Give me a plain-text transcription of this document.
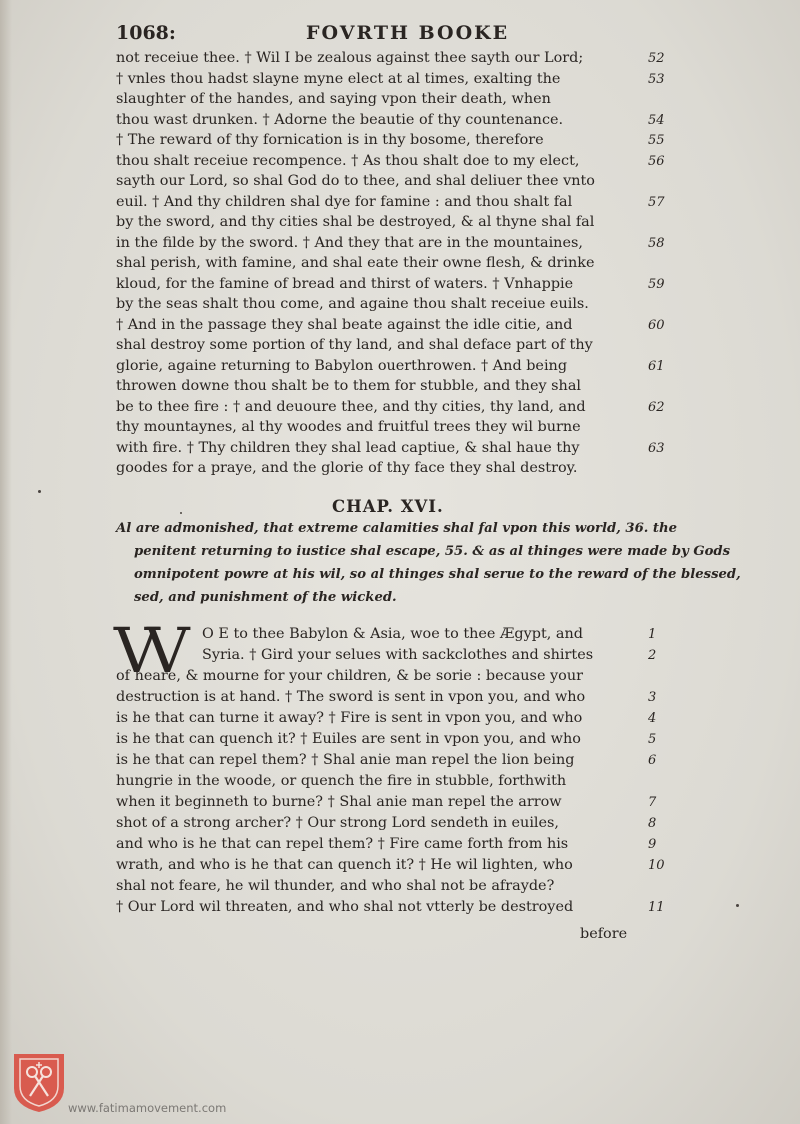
1068:	FOVRTH BOOKE
not receiue thee. † Wil I be zealous against thee sayth our Lord;	52
† vnles thou hadst slayne myne elect at al times, exalting the	53
slaughter of the handes, and saying vpon their death, when
thou wast drunken. † Adorne the beautie of thy countenance.	54
† The reward of thy fornication is in thy bosome, therefore	55
thou shalt receiue recompence. † As thou shalt doe to my elect,	56
sayth our Lord, so shal God do to thee, and shal deliuer thee vnto
euil. † And thy children shal dye for famine : and thou shalt fal	57
by the sword, and thy cities shal be destroyed, & al thyne shal fal
in the filde by the sword. † And they that are in the mountaines,	58
shal perish, with famine, and shal eate their owne flesh, & drinke
kloud, for the famine of bread and thirst of waters. † Vnhappie	59
by the seas shalt thou come, and againe thou shalt receiue euils.
† And in the passage they shal beate against the idle citie, and	60
shal destroy some portion of thy land, and shal deface part of thy
glorie, againe returning to Babylon ouerthrowen. † And being	61
throwen downe thou shalt be to them for stubble, and they shal
be to thee fire : † and deuoure thee, and thy cities, thy land, and	62
thy mountaynes, al thy woodes and fruitful trees they wil burne
with fire. † Thy children they shal lead captiue, & shal haue thy	63
goodes for a praye, and the glorie of thy face they shal destroy.
CHAP. XVI.
Al are admonished, that extreme calamities shal fal vpon this world, 36. the
penitent returning to iustice shal escape, 55. & as al thinges were made by Gods
omnipotent powre at his wil, so al thinges shal serue to the reward of the blessed,
sed, and punishment of the wicked.
VV	O E to thee Babylon & Asia, woe to thee Ægypt, and	1
Syria. † Gird your selues with sackclothes and shirtes	2
of heare, & mourne for your children, & be sorie : because your
destruction is at hand. † The sword is sent in vpon you, and who	3
is he that can turne it away? † Fire is sent in vpon you, and who	4
is he that can quench it? † Euiles are sent in vpon you, and who	5
is he that can repel them? † Shal anie man repel the lion being	6
hungrie in the woode, or quench the fire in stubble, forthwith
when it beginneth to burne? † Shal anie man repel the arrow	7
shot of a strong archer? † Our strong Lord sendeth in euiles,	8
and who is he that can repel them? † Fire came forth from his	9
wrath, and who is he that can quench it? † He wil lighten, who	10
shal not feare, he wil thunder, and who shal not be afrayde?
† Our Lord wil threaten, and who shal not vtterly be destroyed	11
before
www.fatimamovement.com
